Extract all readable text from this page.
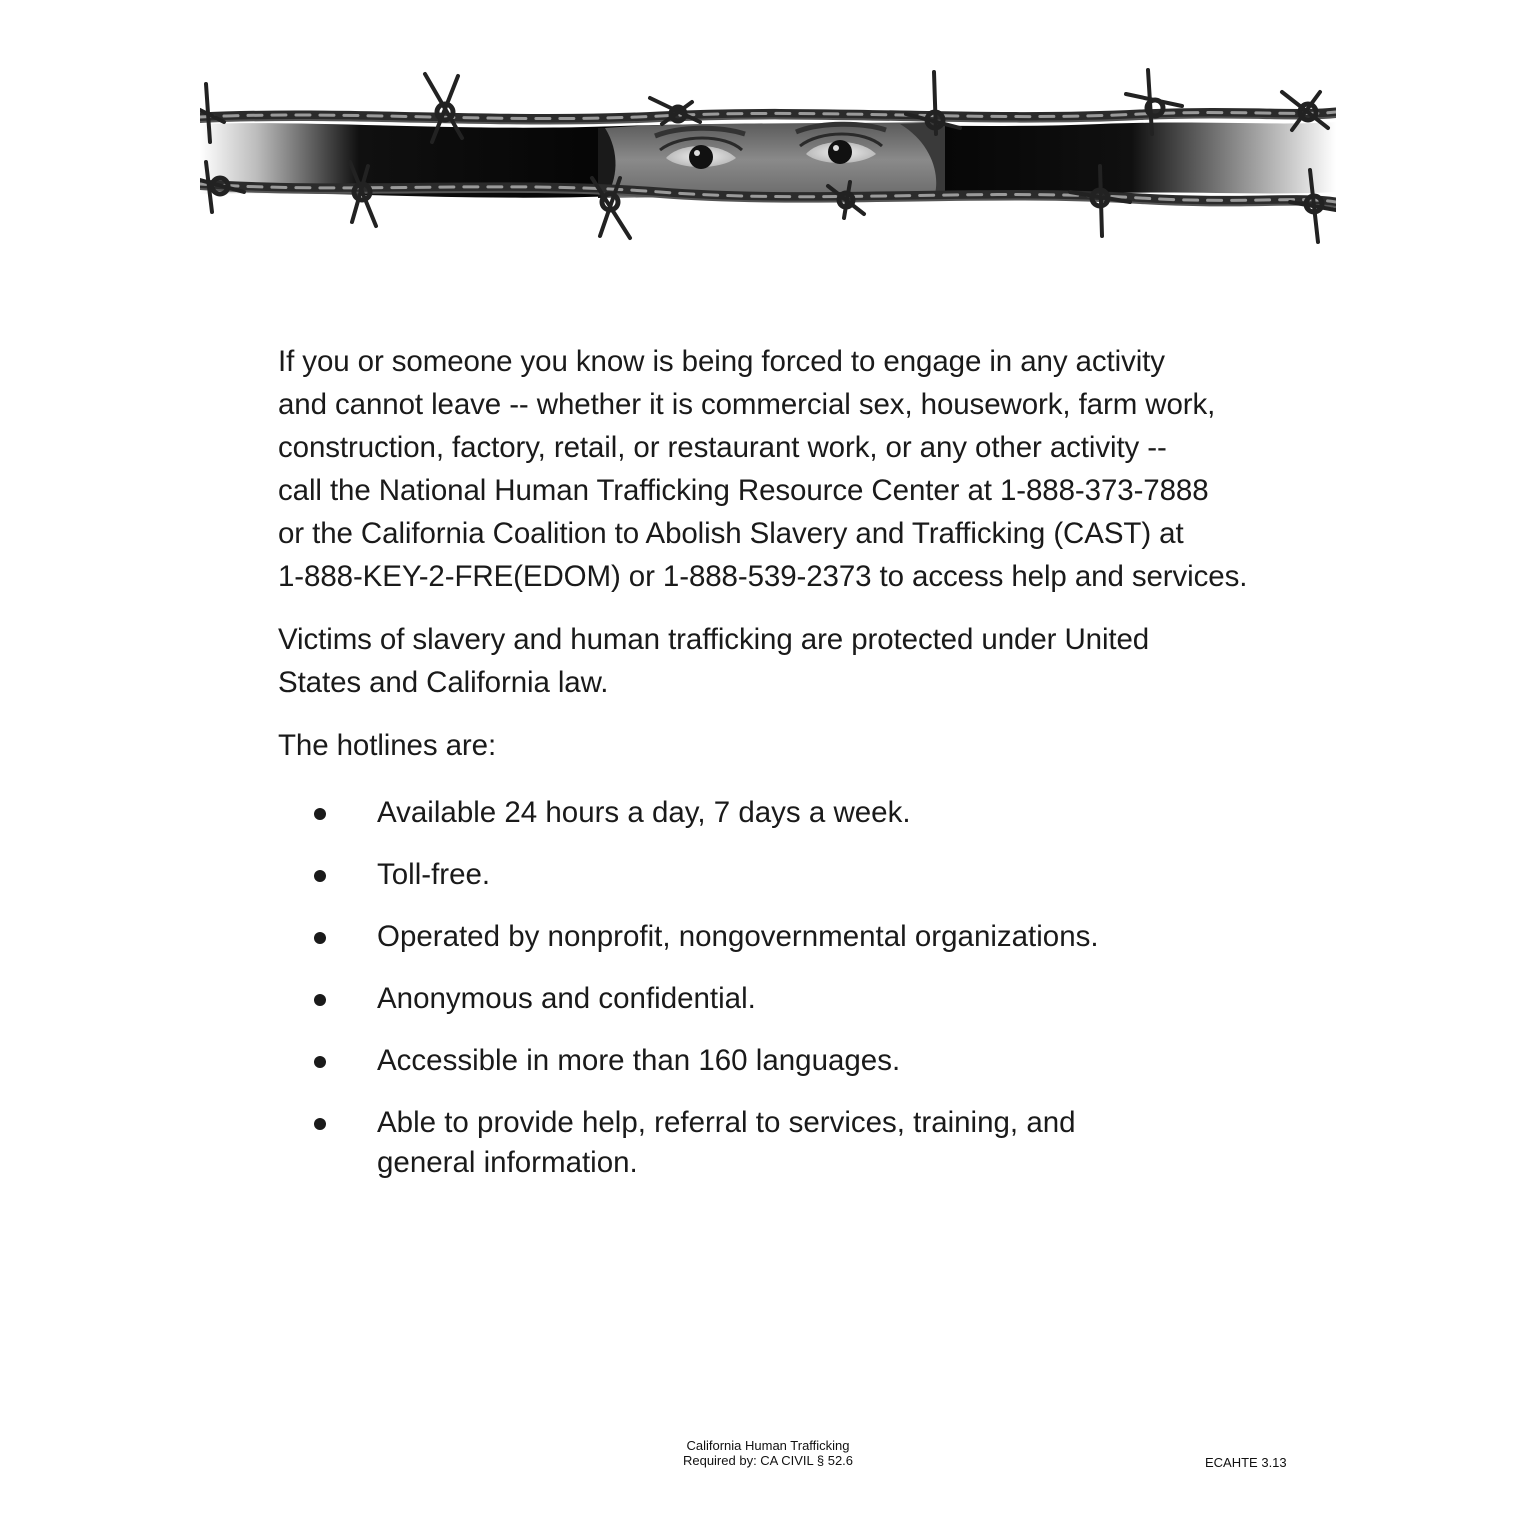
If you or someone you know is being forced to engage in any activity
and cannot leave -- whether it is commercial sex, housework, farm work,
construction, factory, retail, or restaurant work, or any other activity --
call the National Human Trafficking Resource Center at 1-888-373-7888
or the California Coalition to Abolish Slavery and Trafficking (CAST) at
1-888-KEY-2-FRE(EDOM) or 1-888-539-2373 to access help and services.

Victims of slavery and human trafficking are protected under United
States and California law.

The hotlines are:

Available 24 hours a day, 7 days a week.
Toll-free.
Operated by nonprofit, nongovernmental organizations.
Anonymous and confidential.
Accessible in more than 160 languages.
Able to provide help, referral to services, training, and
general information.
California Human Trafficking
Required by: CA CIVIL § 52.6	ECAHTE 3.13
